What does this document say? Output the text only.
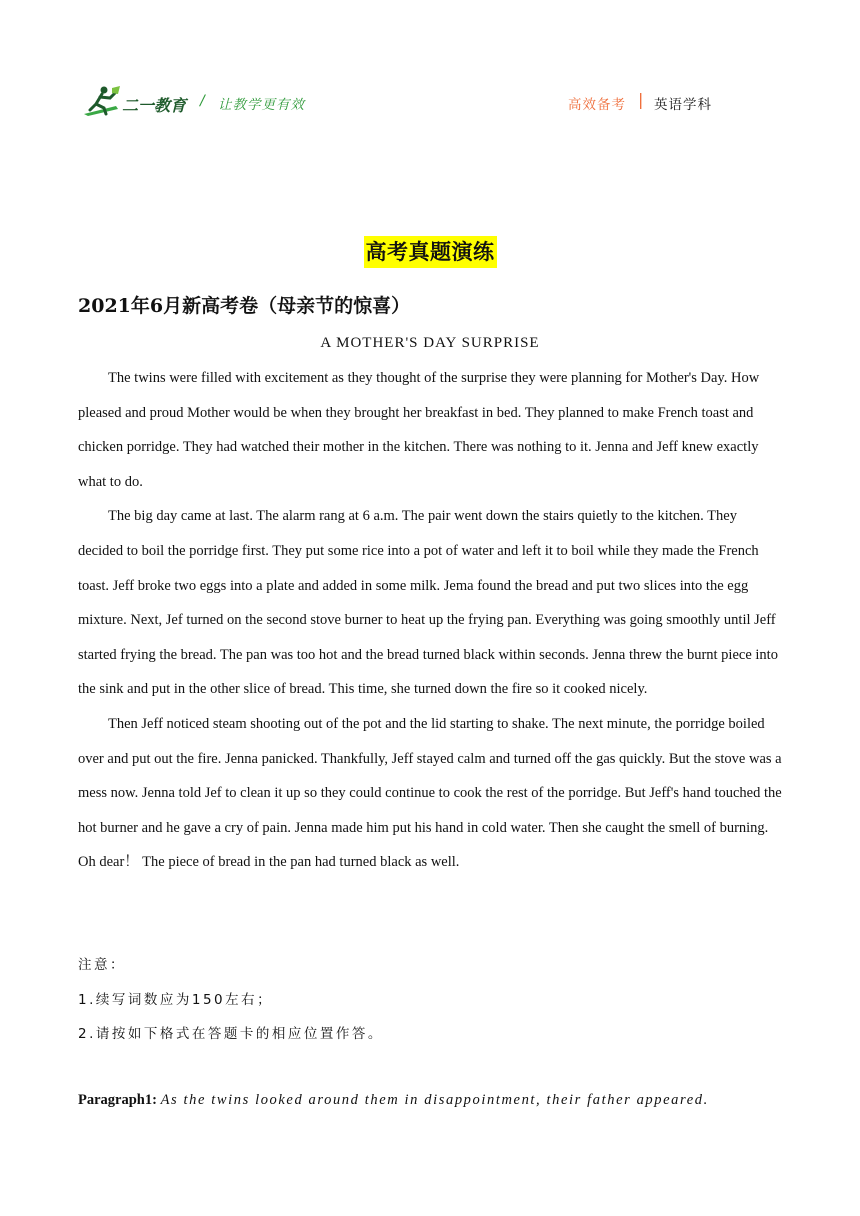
二一教育 / 让教学更有效	高效备考 | 英语学科
高考真题演练
2021年6月新高考卷（母亲节的惊喜）
A MOTHER'S DAY SURPRISE

The twins were filled with excitement as they thought of the surprise they were planning for Mother's Day. How pleased and proud Mother would be when they brought her breakfast in bed. They planned to make French toast and chicken porridge. They had watched their mother in the kitchen. There was nothing to it. Jenna and Jeff knew exactly what to do.

The big day came at last. The alarm rang at 6 a.m. The pair went down the stairs quietly to the kitchen. They decided to boil the porridge first. They put some rice into a pot of water and left it to boil while they made the French toast. Jeff broke two eggs into a plate and added in some milk. Jema found the bread and put two slices into the egg mixture. Next, Jef turned on the second stove burner to heat up the frying pan. Everything was going smoothly until Jeff started frying the bread. The pan was too hot and the bread turned black within seconds. Jenna threw the burnt piece into the sink and put in the other slice of bread. This time, she turned down the fire so it cooked nicely.

Then Jeff noticed steam shooting out of the pot and the lid starting to shake. The next minute, the porridge boiled over and put out the fire. Jenna panicked. Thankfully, Jeff stayed calm and turned off the gas quickly. But the stove was a mess now. Jenna told Jef to clean it up so they could continue to cook the rest of the porridge. But Jeff's hand touched the hot burner and he gave a cry of pain. Jenna made him put his hand in cold water. Then she caught the smell of burning. Oh dear！ The piece of bread in the pan had turned black as well.

注意：
1.续写词数应为150左右；
2.请按如下格式在答题卡的相应位置作答。
Paragraph1: As the twins looked around them in disappointment, their father appeared.
